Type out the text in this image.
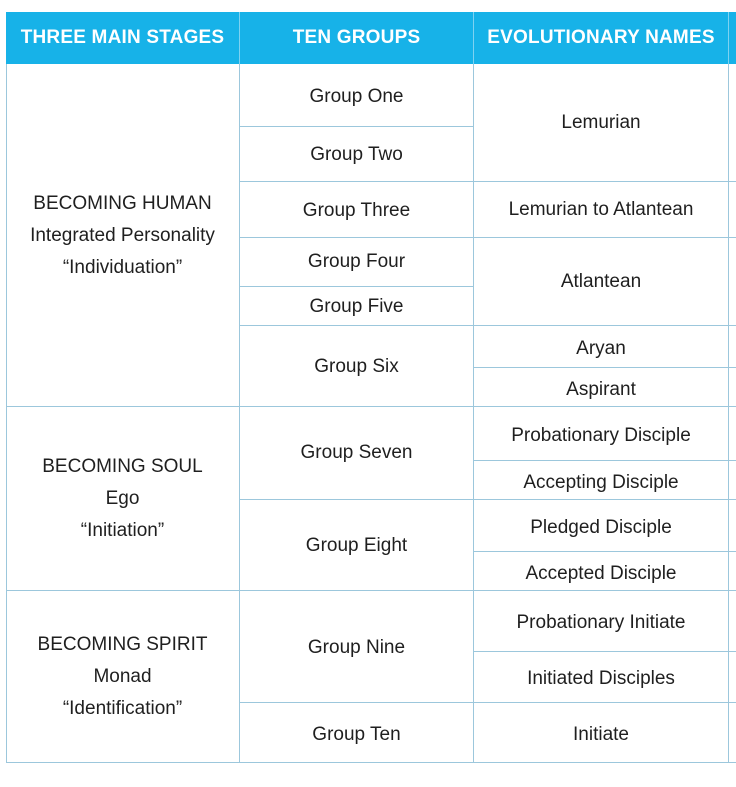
THREE MAIN STAGES	TEN GROUPS	EVOLUTIONARY NAMES
BECOMING HUMAN
Integrated Personality
“Individuation”
BECOMING SOUL
Ego
“Initiation”
BECOMING SPIRIT
Monad
“Identification”
Group One
Group Two
Group Three
Group Four
Group Five
Group Six
Group Seven
Group Eight
Group Nine
Group Ten
Lemurian
Lemurian to Atlantean
Atlantean
Aryan
Aspirant
Probationary Disciple
Accepting Disciple
Pledged Disciple
Accepted Disciple
Probationary Initiate
Initiated Disciples
Initiate
